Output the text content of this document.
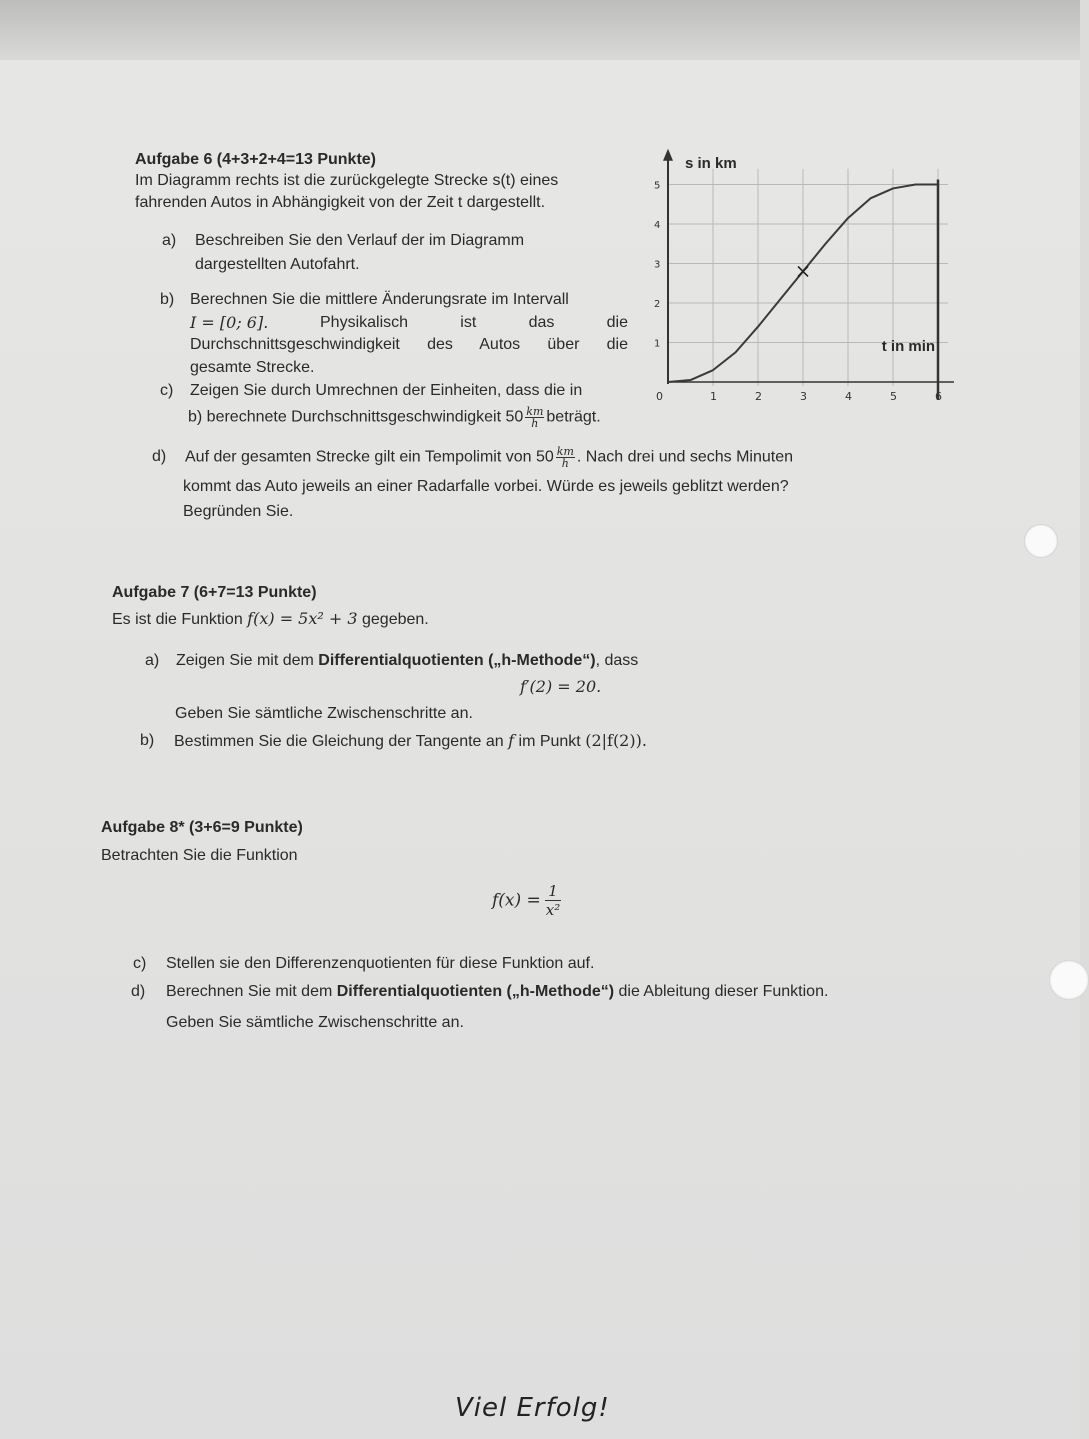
Aufgabe 6 (4+3+2+4=13 Punkte)
Im Diagramm rechts ist die zurückgelegte Strecke s(t) eines
fahrenden Autos in Abhängigkeit von der Zeit t dargestellt.
a) Beschreiben Sie den Verlauf der im Diagramm
dargestellten Autofahrt.
b) Berechnen Sie die mittlere Änderungsrate im Intervall
I = [0; 6].	Physikalisch	ist	das	die
Durchschnittsgeschwindigkeit des Autos über die
gesamte Strecke.
c) Zeigen Sie durch Umrechnen der Einheiten, dass die in
b) berechnete Durchschnittsgeschwindigkeit $50 \frac{km}{h}$ beträgt.
d) Auf der gesamten Strecke gilt ein Tempolimit von $50 \frac{km}{h}$ . Nach drei und sechs Minuten
kommt das Auto jeweils an einer Radarfalle vorbei. Würde es jeweils geblitzt werden?
Begründen Sie.
0	1	2	3	4	5	6
1
2
3
4
5
s in km
t in min
Aufgabe 7 (6+7=13 Punkte)
Es ist die Funktion f(x) = 5x² + 3 gegeben.
a) Zeigen Sie mit dem Differentialquotienten („h-Methode“), dass
f′(2) = 20.
Geben Sie sämtliche Zwischenschritte an.
b) Bestimmen Sie die Gleichung der Tangente an f im Punkt (2|f(2)).
Aufgabe 8* (3+6=9 Punkte)
Betrachten Sie die Funktion
$f(x) = \frac{1}{\text{x²}}$
c) Stellen sie den Differenzenquotienten für diese Funktion auf.
d) Berechnen Sie mit dem Differentialquotienten („h-Methode“) die Ableitung dieser Funktion.
Geben Sie sämtliche Zwischenschritte an.
Viel Erfolg!
